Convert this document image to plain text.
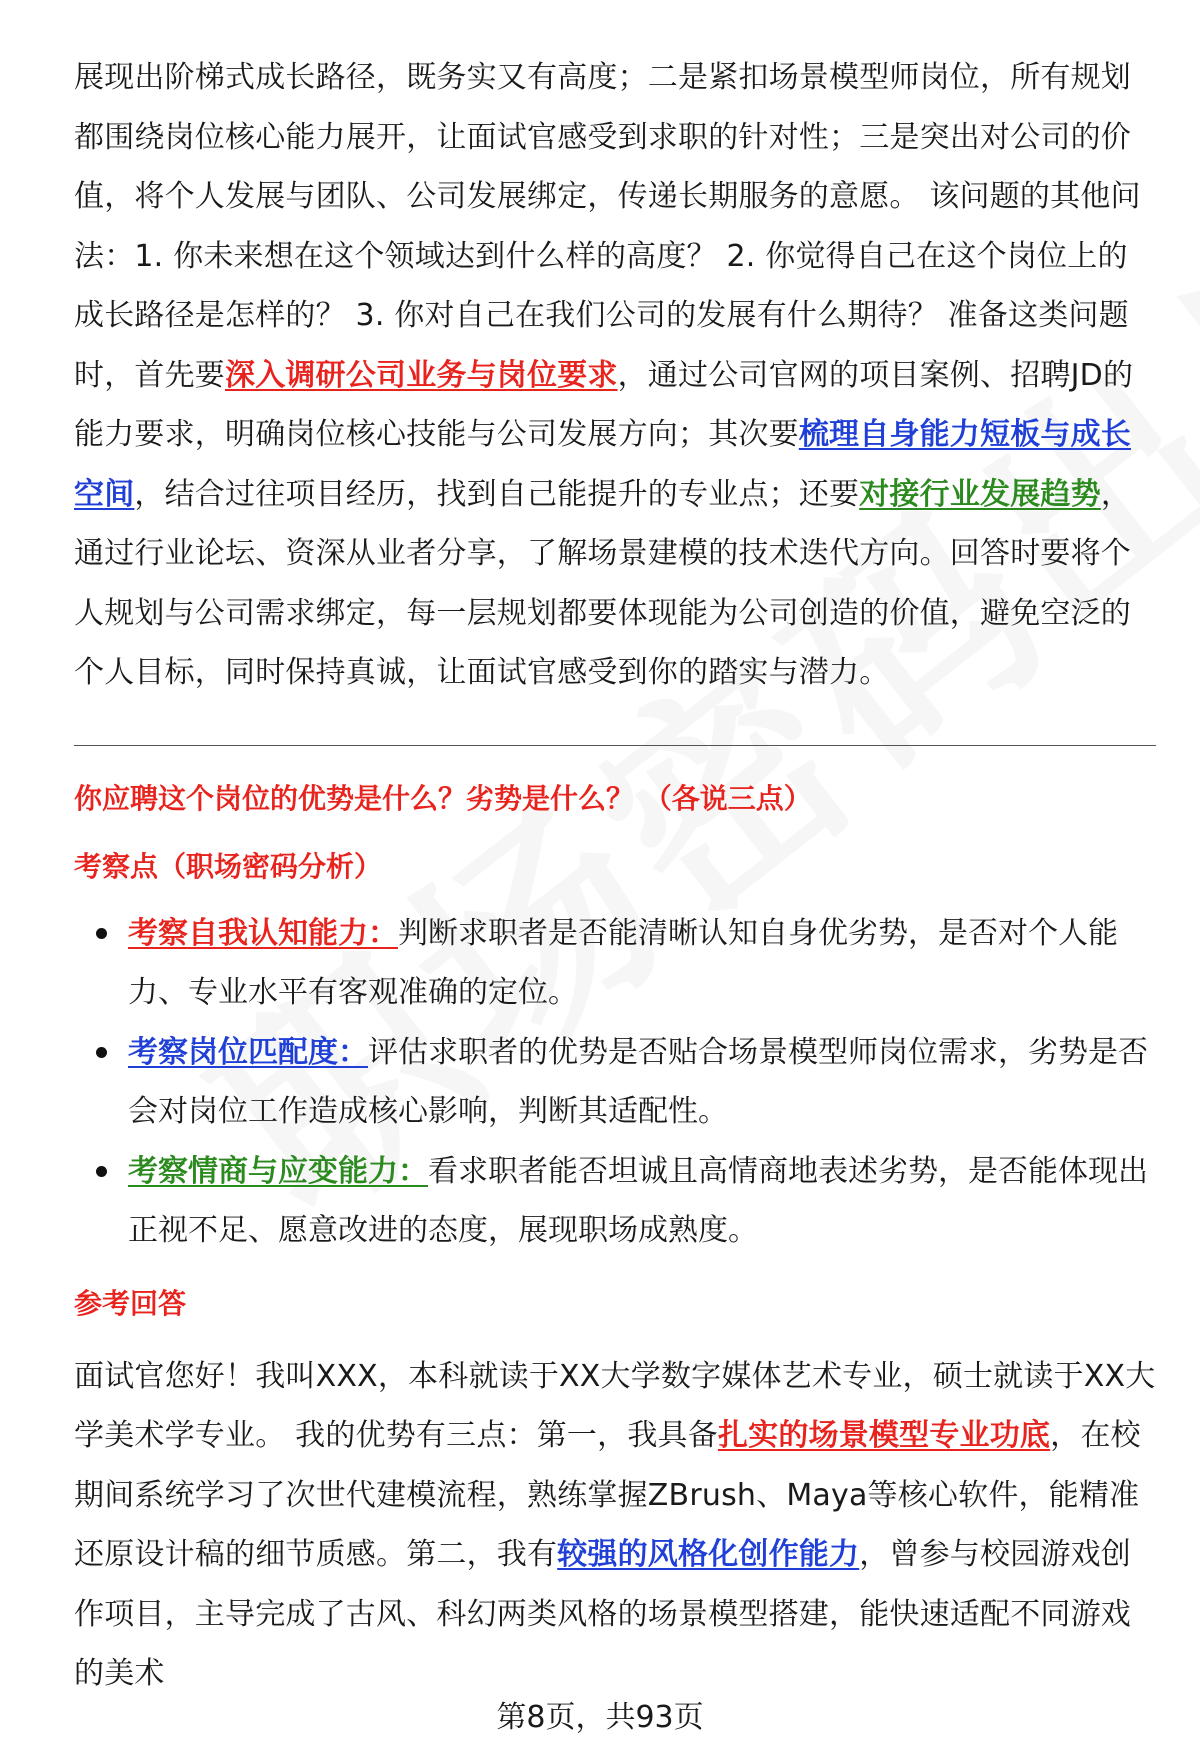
展现出阶梯式成长路径，既务实又有高度；二是紧扣场景模型师岗位，所有规划都围绕岗位核心能力展开，让面试官感受到求职的针对性；三是突出对公司的价值，将个人发展与团队、公司发展绑定，传递长期服务的意愿。 该问题的其他问法：1. 你未来想在这个领域达到什么样的高度？ 2. 你觉得自己在这个岗位上的成长路径是怎样的？ 3. 你对自己在我们公司的发展有什么期待？ 准备这类问题时，首先要深入调研公司业务与岗位要求，通过公司官网的项目案例、招聘JD的能力要求，明确岗位核心技能与公司发展方向；其次要梳理自身能力短板与成长空间，结合过往项目经历，找到自己能提升的专业点；还要对接行业发展趋势，通过行业论坛、资深从业者分享，了解场景建模的技术迭代方向。回答时要将个人规划与公司需求绑定，每一层规划都要体现能为公司创造的价值，避免空泛的个人目标，同时保持真诚，让面试官感受到你的踏实与潜力。

你应聘这个岗位的优势是什么？劣势是什么？ （各说三点）
考察点（职场密码分析）
考察自我认知能力：判断求职者是否能清晰认知自身优劣势，是否对个人能力、专业水平有客观准确的定位。
考察岗位匹配度：评估求职者的优势是否贴合场景模型师岗位需求，劣势是否会对岗位工作造成核心影响，判断其适配性。
考察情商与应变能力：看求职者能否坦诚且高情商地表述劣势，是否能体现出正视不足、愿意改进的态度，展现职场成熟度。
参考回答

面试官您好！我叫XXX，本科就读于XX大学数字媒体艺术专业，硕士就读于XX大学美术学专业。 我的优势有三点：第一，我具备扎实的场景模型专业功底，在校期间系统学习了次世代建模流程，熟练掌握ZBrush、Maya等核心软件，能精准还原设计稿的细节质感。第二，我有较强的风格化创作能力，曾参与校园游戏创作项目，主导完成了古风、科幻两类风格的场景模型搭建，能快速适配不同游戏的美术

第8页，共93页
